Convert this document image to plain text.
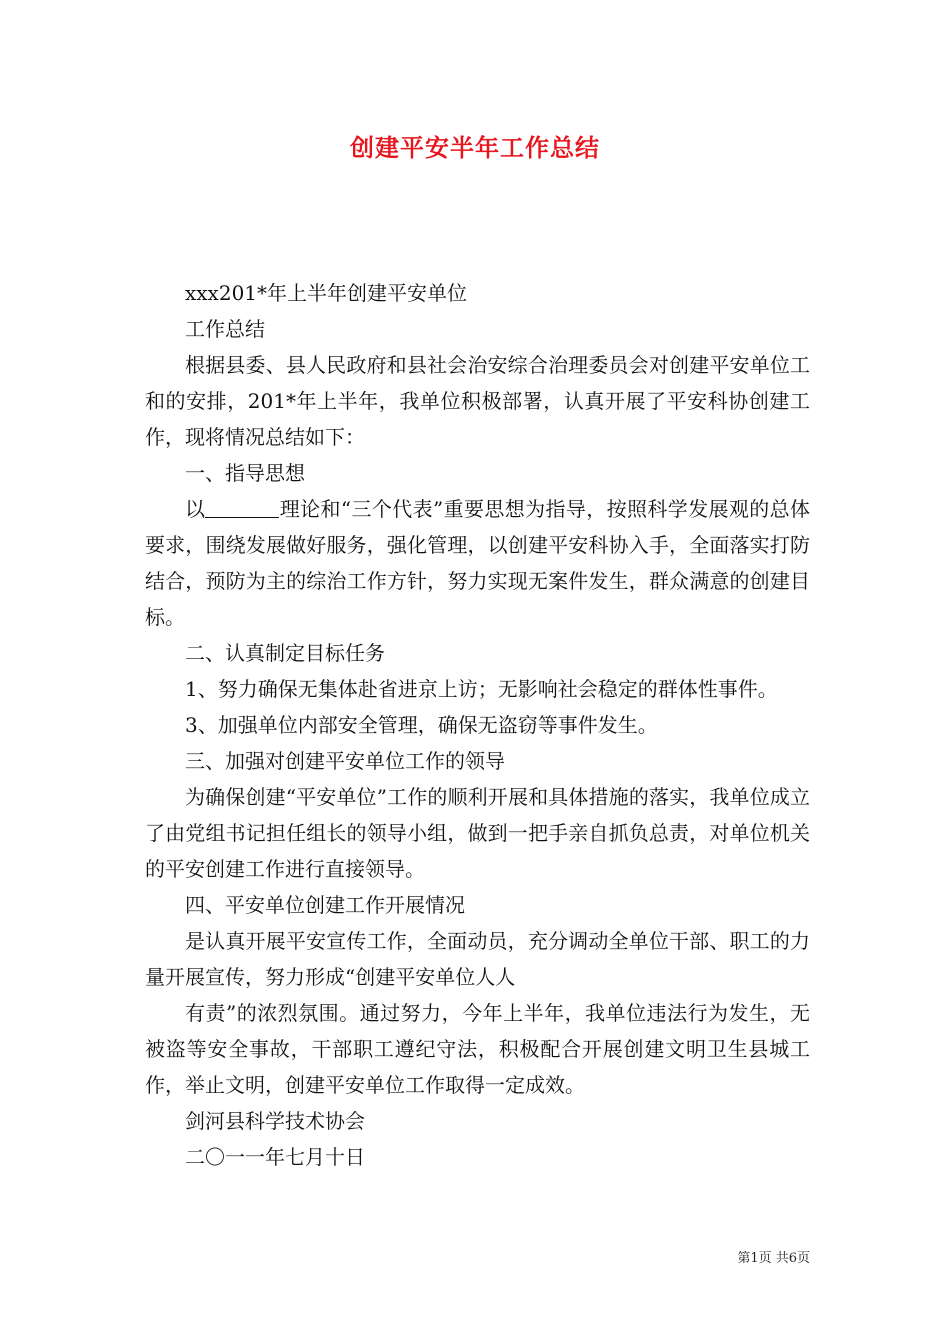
创建平安半年工作总结

xxx201*年上半年创建平安单位

工作总结

根据县委、县人民政府和县社会治安综合治理委员会对创建平安单位工和的安排，201*年上半年，我单位积极部署，认真开展了平安科协创建工作，现将情况总结如下：

一、指导思想

以	理论和“三个代表”重要思想为指导，按照科学发展观的总体要求，围绕发展做好服务，强化管理，以创建平安科协入手，全面落实打防结合，预防为主的综治工作方针，努力实现无案件发生，群众满意的创建目标。

二、认真制定目标任务

1、努力确保无集体赴省进京上访；无影响社会稳定的群体性事件。

3、加强单位内部安全管理，确保无盗窃等事件发生。

三、加强对创建平安单位工作的领导

为确保创建“平安单位”工作的顺利开展和具体措施的落实，我单位成立了由党组书记担任组长的领导小组，做到一把手亲自抓负总责，对单位机关的平安创建工作进行直接领导。

四、平安单位创建工作开展情况

是认真开展平安宣传工作，全面动员，充分调动全单位干部、职工的力量开展宣传，努力形成“创建平安单位人人

有责”的浓烈氛围。通过努力，今年上半年，我单位违法行为发生，无被盗等安全事故，干部职工遵纪守法，积极配合开展创建文明卫生县城工作，举止文明，创建平安单位工作取得一定成效。

剑河县科学技术协会

二〇一一年七月十日

第1页 共6页
